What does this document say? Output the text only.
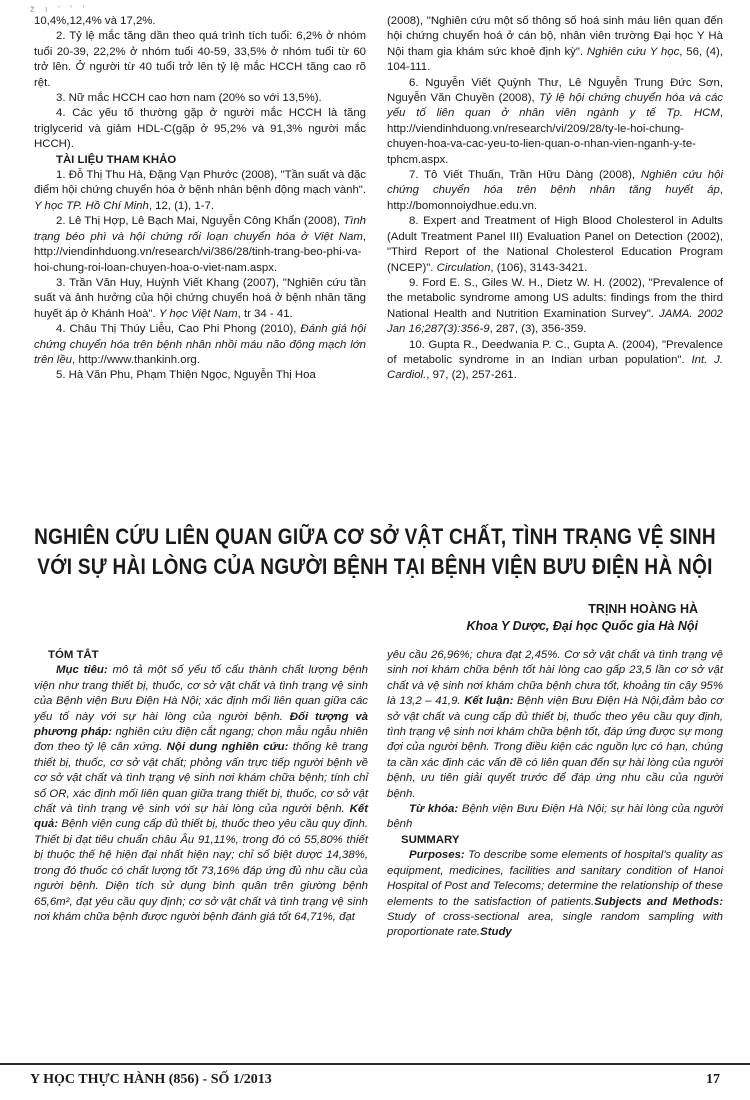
ž ı ' ' '

10,4%,12,4% và 17,2%.

2. Tỷ lệ mắc tăng dần theo quá trình tích tuổi: 6,2% ở nhóm tuổi 20-39, 22,2% ở nhóm tuổi 40-59, 33,5% ở nhóm tuổi từ 60 trở lên. Ở người từ 40 tuổi trở lên tỷ lệ mắc HCCH tăng cao rõ rệt.

3. Nữ mắc HCCH cao hơn nam (20% so với 13,5%).

4. Các yếu tố thường gặp ở người mắc HCCH là tăng triglycerid và giảm HDL-C(gặp ở 95,2% và 91,3% người mắc HCCH).

TÀI LIỆU THAM KHẢO

1. Đỗ Thị Thu Hà, Đặng Vạn Phước (2008), "Tần suất và đặc điểm hội chứng chuyển hóa ở bệnh nhân bệnh động mạch vành". Y học TP. Hồ Chí Minh, 12, (1), 1-7.

2. Lê Thị Hợp, Lê Bạch Mai, Nguyễn Công Khẩn (2008), Tình trạng béo phì và hội chứng rối loạn chuyển hóa ở Việt Nam, http://viendinhduong.vn/research/vi/386/28/tinh-trang-beo-phi-va-hoi-chung-roi-loan-chuyen-hoa-o-viet-nam.aspx.

3. Trần Văn Huy, Huỳnh Viết Khang (2007), "Nghiên cứu tần suất và ảnh hưởng của hội chứng chuyển hoá ở bệnh nhân tăng huyết áp ở Khánh Hoà". Y học Việt Nam, tr 34 - 41.

4. Châu Thị Thúy Liễu, Cao Phi Phong (2010), Đánh giá hội chứng chuyển hóa trên bệnh nhân nhồi máu não động mạch lớn trên lều, http://www.thankinh.org.

5. Hà Văn Phu, Phạm Thiện Ngọc, Nguyễn Thị Hoa

(2008), "Nghiên cứu một số thông số hoá sinh máu liên quan đến hội chứng chuyển hoá ở cán bộ, nhân viên trường Đại học Y Hà Nội tham gia khám sức khoẻ định kỳ". Nghiên cứu Y học, 56, (4), 104-111.

6. Nguyễn Viết Quỳnh Thư, Lê Nguyễn Trung Đức Sơn, Nguyễn Văn Chuyền (2008), Tỷ lệ hội chứng chuyển hóa và các yếu tố liên quan ở nhân viên ngành y tế Tp. HCM, http://viendinhduong.vn/research/vi/209/28/ty-le-hoi-chung-chuyen-hoa-va-cac-yeu-to-lien-quan-o-nhan-vien-nganh-y-te-tphcm.aspx.

7. Tô Viết Thuấn, Trần Hữu Dàng (2008), Nghiên cứu hội chứng chuyển hóa trên bệnh nhân tăng huyết áp, http://bomonnoiydhue.edu.vn.

8. Expert and Treatment of High Blood Cholesterol in Adults (Adult Treatment Panel III) Evaluation Panel on Detection (2002), "Third Report of the National Cholesterol Education Program (NCEP)". Circulation, (106), 3143-3421.

9. Ford E. S., Giles W. H., Dietz W. H. (2002), "Prevalence of the metabolic syndrome among US adults: findings from the third National Health and Nutrition Examination Survey". JAMA. 2002 Jan 16;287(3):356-9, 287, (3), 356-359.

10. Gupta R., Deedwania P. C., Gupta A. (2004), "Prevalence of metabolic syndrome in an Indian urban population". Int. J. Cardiol., 97, (2), 257-261.

NGHIÊN CỨU LIÊN QUAN GIỮA CƠ SỞ VẬT CHẤT, TÌNH TRẠNG VỆ SINH
VỚI SỰ HÀI LÒNG CỦA NGƯỜI BỆNH TẠI BỆNH VIỆN BƯU ĐIỆN HÀ NỘI
TRỊNH HOÀNG HÀ
Khoa Y Dược, Đại học Quốc gia Hà Nội

TÓM TẮT

Mục tiêu: mô tả một số yếu tố cấu thành chất lượng bệnh viện như trang thiết bị, thuốc, cơ sở vật chất và tình trạng vệ sinh của Bệnh viện Bưu Điện Hà Nội; xác định mối liên quan giữa các yếu tố này với sự hài lòng của người bệnh. Đối tượng và phương pháp: nghiên cứu điện cắt ngang; chọn mẫu ngẫu nhiên đơn theo tỷ lệ cân xứng. Nội dung nghiên cứu: thống kê trang thiết bị, thuốc, cơ sở vật chất; phỏng vấn trực tiếp người bệnh về cơ sở vật chất và tình trạng vệ sinh nơi khám chữa bệnh; tính chỉ số OR, xác định mối liên quan giữa trang thiết bị, thuốc, cơ sở vật chất và tình trạng vệ sinh với sự hài lòng của người bệnh. Kết quả: Bệnh viện cung cấp đủ thiết bị, thuốc theo yêu cầu quy định. Thiết bị đạt tiêu chuẩn châu Âu 91,11%, trong đó có 55,80% thiết bị thuộc thế hệ hiện đại nhất hiện nay; chỉ số biệt dược 14,38%, trong đó thuốc có chất lượng tốt 73,16% đáp ứng đủ nhu cầu của người bệnh. Diện tích sử dụng bình quân trên giường bệnh 65,6m², đạt yêu cầu quy định; cơ sở vật chất và tình trạng vệ sinh nơi khám chữa bệnh được người bệnh đánh giá tốt 64,71%, đạt

yêu cầu 26,96%; chưa đạt 2,45%. Cơ sở vật chất và tình trạng vệ sinh nơi khám chữa bệnh tốt hài lòng cao gấp 23,5 lần cơ sở vật chất và vệ sinh nơi khám chữa bệnh chưa tốt, khoảng tin cậy 95% là 13,2 – 41,9. Kết luận: Bệnh viện Bưu Điện Hà Nội,đảm bảo cơ sở vật chất và cung cấp đủ thiết bị, thuốc theo yêu cầu quy định, tình trạng vệ sinh nơi khám chữa bệnh tốt, đáp ứng được sự mong đợi của người bệnh. Trong điều kiện các nguồn lực có hạn, chúng ta cần xác định các vấn đề có liên quan đến sự hài lòng của người bệnh, ưu tiên giải quyết trước để đáp ứng nhu cầu của người bệnh.

Từ khóa: Bệnh viện Bưu Điện Hà Nội; sự hài lòng của người bệnh

SUMMARY

Purposes: To describe some elements of hospital's quality as equipment, medicines, facilities and sanitary condition of Hanoi Hospital of Post and Telecoms; determine the relationship of these elements to the satisfaction of patients.Subjects and Methods: Study of cross-sectional area, single random sampling with proportionate rate.Study

Y HỌC THỰC HÀNH (856) - SỐ 1/2013	17
